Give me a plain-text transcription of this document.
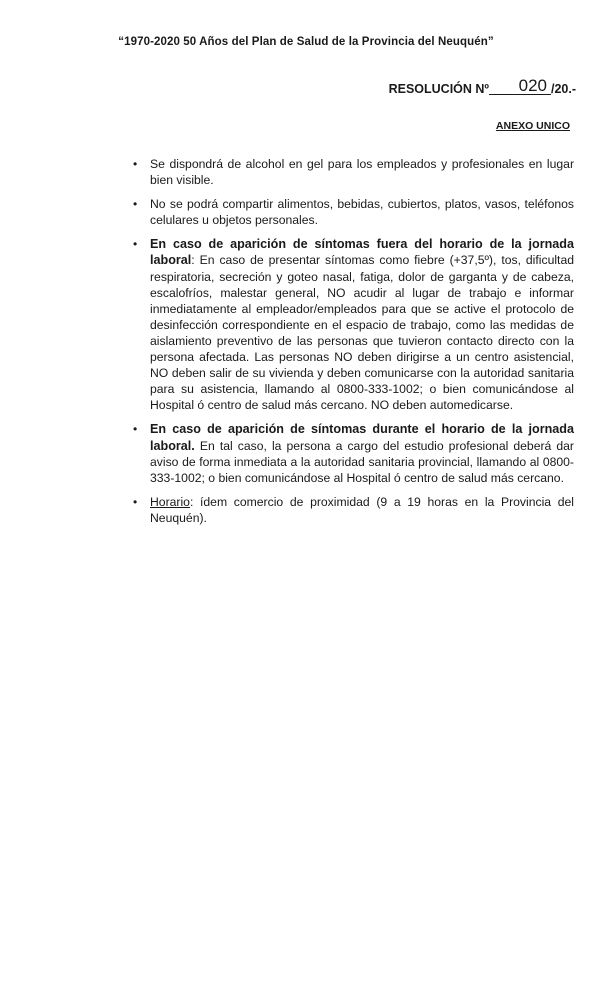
“1970-2020 50 Años del Plan de Salud de la Provincia del Neuquén”
RESOLUCIÓN Nº 020 /20.-
ANEXO UNICO
• Se dispondrá de alcohol en gel para los empleados y profesionales en lugar bien visible.
• No se podrá compartir alimentos, bebidas, cubiertos, platos, vasos, teléfonos celulares u objetos personales.
• En caso de aparición de síntomas fuera del horario de la jornada laboral: En caso de presentar síntomas como fiebre (+37,5º), tos, dificultad respiratoria, secreción y goteo nasal, fatiga, dolor de garganta y de cabeza, escalofríos, malestar general, NO acudir al lugar de trabajo e informar inmediatamente al empleador/empleados para que se active el protocolo de desinfección correspondiente en el espacio de trabajo, como las medidas de aislamiento preventivo de las personas que tuvieron contacto directo con la persona afectada. Las personas NO deben dirigirse a un centro asistencial, NO deben salir de su vivienda y deben comunicarse con la autoridad sanitaria para su asistencia, llamando al 0800-333-1002; o bien comunicándose al Hospital ó centro de salud más cercano. NO deben automedicarse.
• En caso de aparición de síntomas durante el horario de la jornada laboral. En tal caso, la persona a cargo del estudio profesional deberá dar aviso de forma inmediata a la autoridad sanitaria provincial, llamando al 0800-333-1002; o bien comunicándose al Hospital ó centro de salud más cercano.
• Horario: ídem comercio de proximidad (9 a 19 horas en la Provincia del Neuquén).
